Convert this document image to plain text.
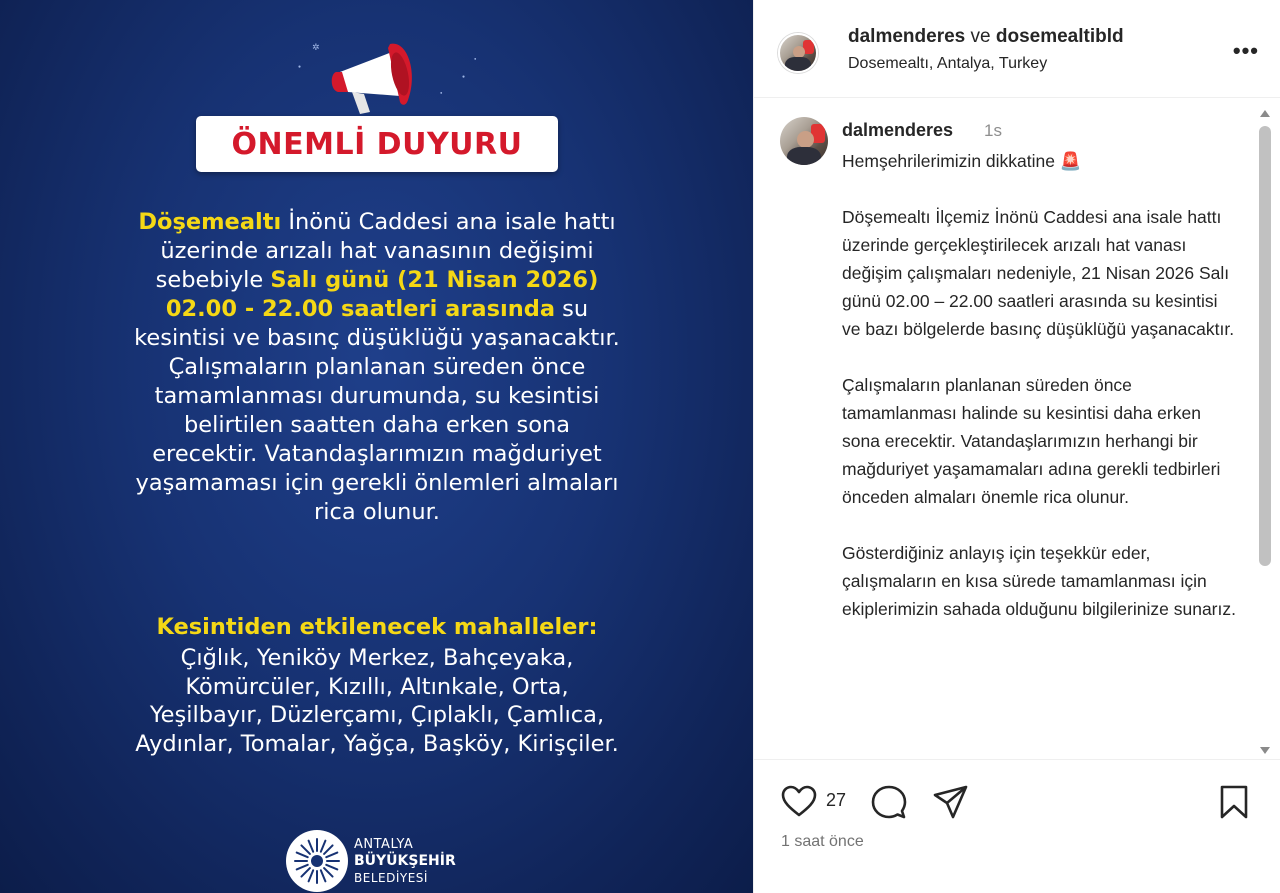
✲
●
●
●
●
ÖNEMLİ DUYURU
Döşemealtı İnönü Caddesi ana isale hattı üzerinde arızalı hat vanasının değişimi sebebiyle Salı günü (21 Nisan 2026) 02.00 - 22.00 saatleri arasında su kesintisi ve basınç düşüklüğü yaşanacaktır. Çalışmaların planlanan süreden önce tamamlanması durumunda, su kesintisi belirtilen saatten daha erken sona erecektir. Vatandaşlarımızın mağduriyet yaşamaması için gerekli önlemleri almaları rica olunur.
Kesintiden etkilenecek mahalleler:
Çığlık, Yeniköy Merkez, Bahçeyaka, Kömürcüler, Kızıllı, Altınkale, Orta, Yeşilbayır, Düzlerçamı, Çıplaklı, Çamlıca, Aydınlar, Tomalar, Yağça, Başköy, Kirişçiler.
ANTALYA
BÜYÜKŞEHİR
BELEDİYESİ
dalmenderes ve dosemealtibld
Dosemealtı, Antalya, Turkey
•••
dalmenderes 1s
Hemşehrilerimizin dikkatine 🚨

Döşemealtı İlçemiz İnönü Caddesi ana isale hattı üzerinde gerçekleştirilecek arızalı hat vanası değişim çalışmaları nedeniyle, 21 Nisan 2026 Salı günü 02.00 – 22.00 saatleri arasında su kesintisi ve bazı bölgelerde basınç düşüklüğü yaşanacaktır.

Çalışmaların planlanan süreden önce tamamlanması halinde su kesintisi daha erken sona erecektir. Vatandaşlarımızın herhangi bir mağduriyet yaşamamaları adına gerekli tedbirleri önceden almaları önemle rica olunur.

Gösterdiğiniz anlayış için teşekkür eder, çalışmaların en kısa sürede tamamlanması için ekiplerimizin sahada olduğunu bilgilerinize sunarız.
27
1 saat önce
